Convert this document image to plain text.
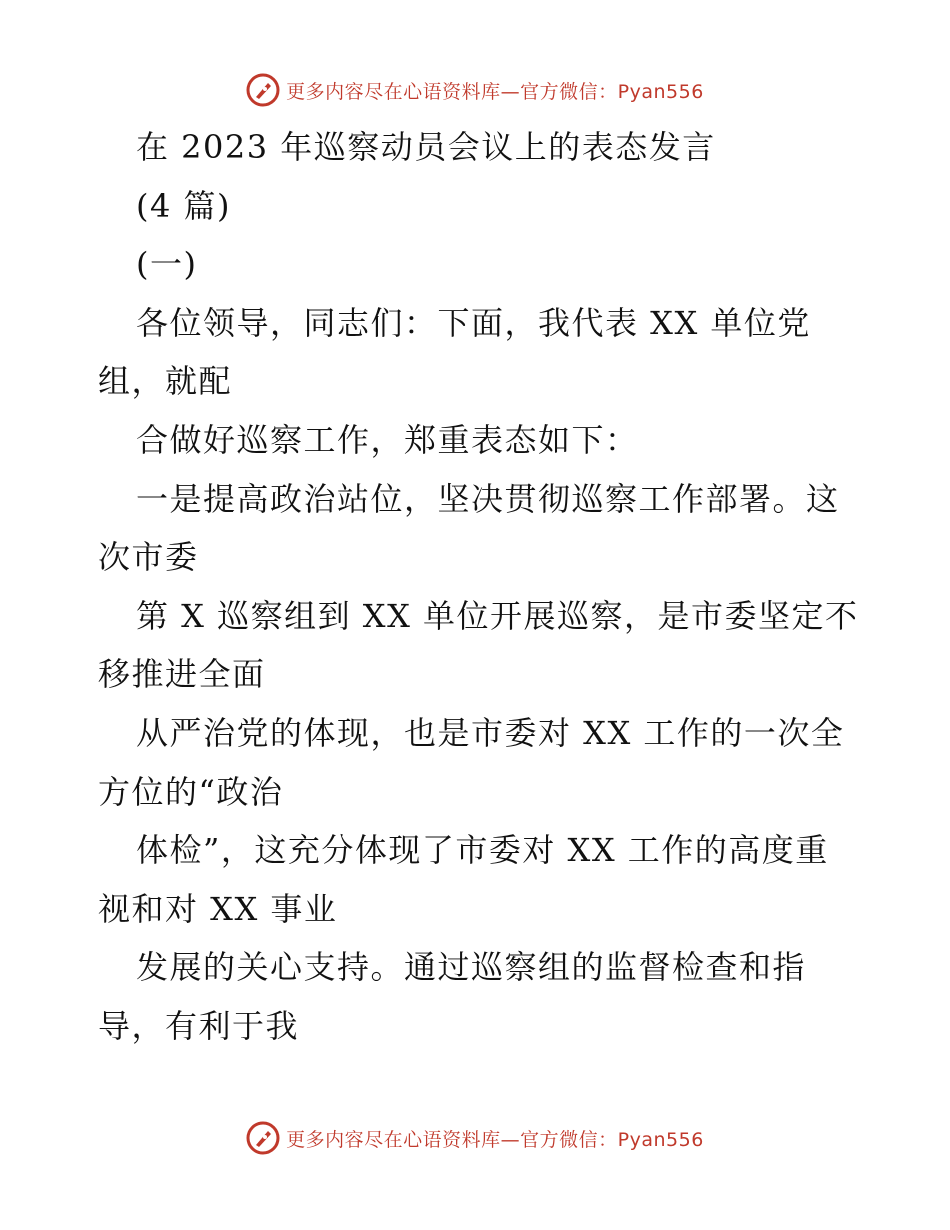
更多内容尽在心语资料库—官方微信：Pyan556
在 2023 年巡察动员会议上的表态发言
(4 篇)
(一)
各位领导，同志们：下面，我代表 XX 单位党
组，就配
合做好巡察工作，郑重表态如下：
一是提高政治站位，坚决贯彻巡察工作部署。这
次市委
第 X 巡察组到 XX 单位开展巡察，是市委坚定不
移推进全面
从严治党的体现，也是市委对 XX 工作的一次全
方位的“政治
体检”，这充分体现了市委对 XX 工作的高度重
视和对 XX 事业
发展的关心支持。通过巡察组的监督检查和指
导，有利于我
更多内容尽在心语资料库—官方微信：Pyan556
